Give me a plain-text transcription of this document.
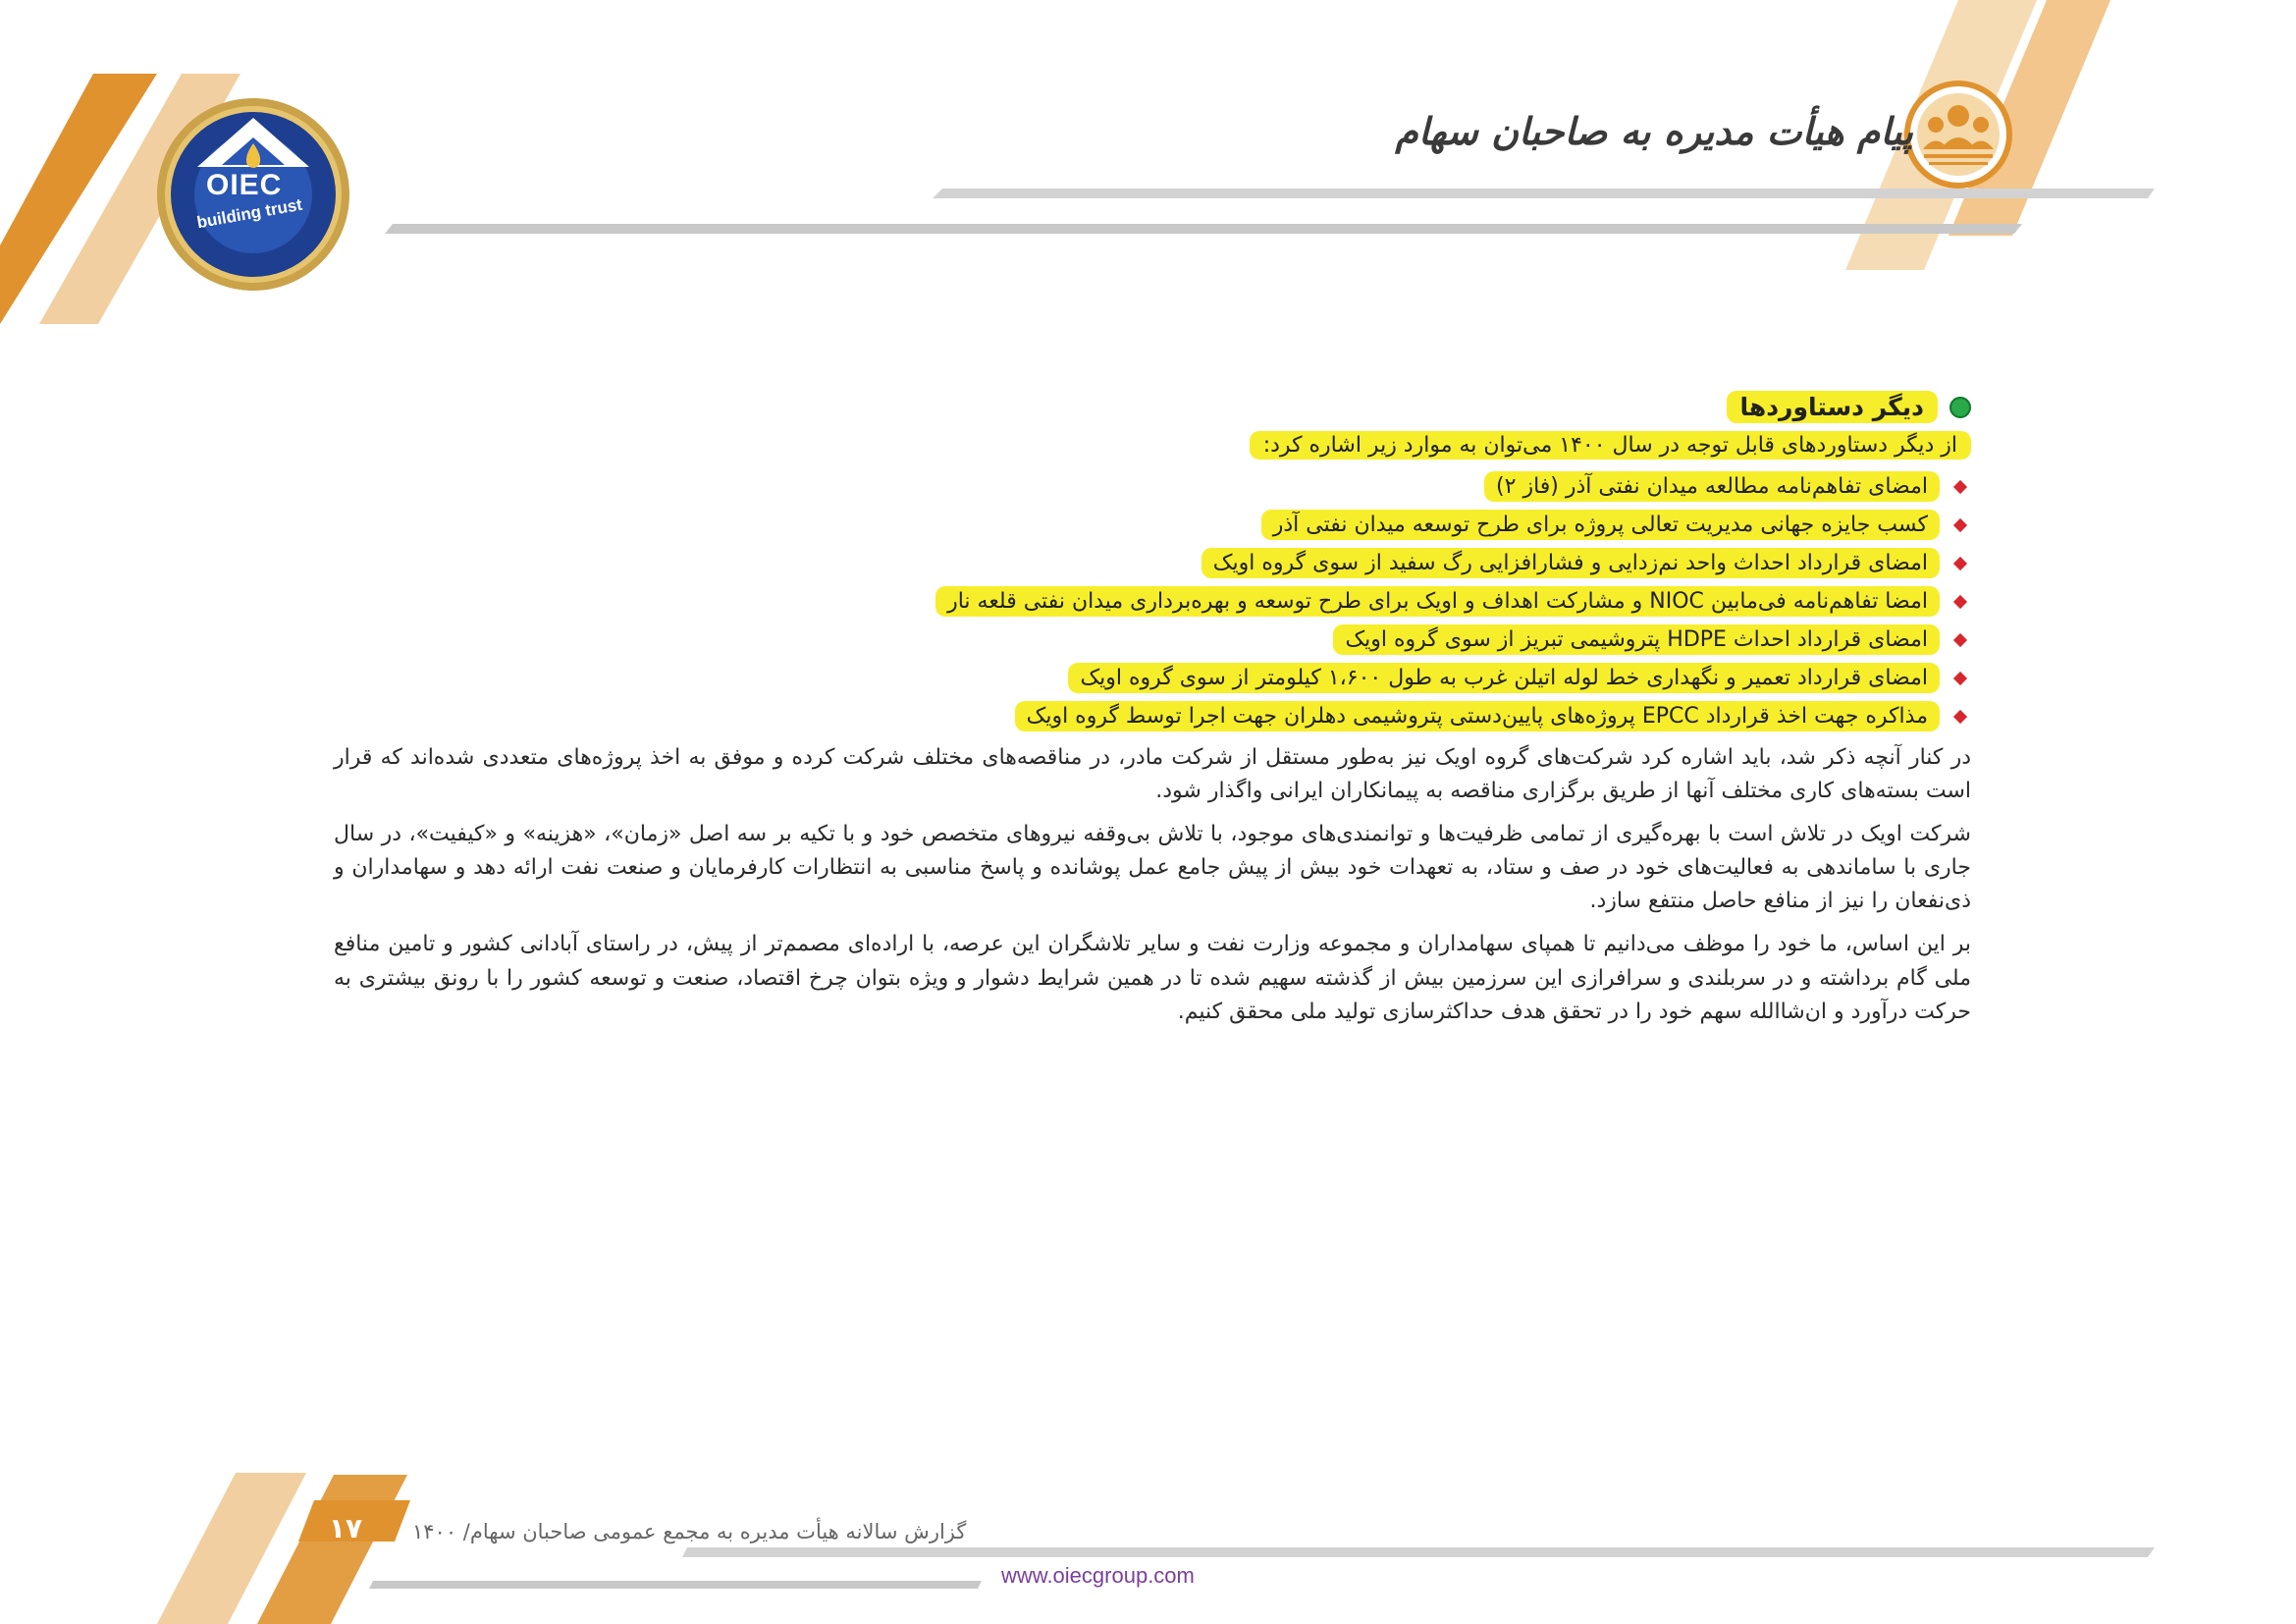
OIEC
building trust
پیام هیأت مدیره به صاحبان سهام
دیگر دستاوردها
از دیگر دستاوردهای قابل توجه در سال ۱۴۰۰ می‌توان به موارد زیر اشاره کرد:
امضای تفاهم‌نامه مطالعه میدان نفتی آذر (فاز ۲)
کسب جایزه جهانی مدیریت تعالی پروژه برای طرح توسعه میدان نفتی آذر
امضای قرارداد احداث واحد نم‌زدایی و فشارافزایی رگ سفید از سوی گروه اویک
امضا تفاهم‌نامه فی‌مابین NIOC و مشارکت اهداف و اویک برای طرح توسعه و بهره‌برداری میدان نفتی قلعه نار
امضای قرارداد احداث HDPE پتروشیمی تبریز از سوی گروه اویک
امضای قرارداد تعمیر و نگهداری خط لوله اتیلن غرب به طول ۱،۶۰۰ کیلومتر از سوی گروه اویک
مذاکره جهت اخذ قرارداد EPCC پروژه‌های پایین‌دستی پتروشیمی دهلران جهت اجرا توسط گروه اویک

در کنار آنچه ذکر شد، باید اشاره کرد شرکت‌های گروه اویک نیز به‌طور مستقل از شرکت مادر، در مناقصه‌های مختلف شرکت کرده و موفق به اخذ پروژه‌های متعددی شده‌اند که قرار است بسته‌های کاری مختلف آنها از طریق برگزاری مناقصه به پیمانکاران ایرانی واگذار شود.

شرکت اویک در تلاش است با بهره‌گیری از تمامی ظرفیت‌ها و توانمندی‌های موجود، با تلاش بی‌وقفه نیروهای متخصص خود و با تکیه بر سه اصل «زمان»، «هزینه» و «کیفیت»، در سال جاری با ساماندهی به فعالیت‌های خود در صف و ستاد، به تعهدات خود بیش از پیش جامع عمل پوشانده و پاسخ مناسبی به انتظارات کارفرمایان و صنعت نفت ارائه دهد و سهامداران و ذی‌نفعان را نیز از منافع حاصل منتفع سازد.

بر این اساس، ما خود را موظف می‌دانیم تا همپای سهامداران و مجموعه وزارت نفت و سایر تلاشگران این عرصه، با اراده‌ای مصمم‌تر از پیش، در راستای آبادانی کشور و تامین منافع ملی گام برداشته و در سربلندی و سرافرازی این سرزمین بیش از گذشته سهیم شده تا در همین شرایط دشوار و ویژه بتوان چرخ اقتصاد، صنعت و توسعه کشور را با رونق بیشتری به حرکت درآورد و ان‌شاالله سهم خود را در تحقق هدف حداکثرسازی تولید ملی محقق کنیم.

۱۷ گزارش سالانه هیأت مدیره به مجمع عمومی صاحبان سهام/ ۱۴۰۰
www.oiecgroup.com
